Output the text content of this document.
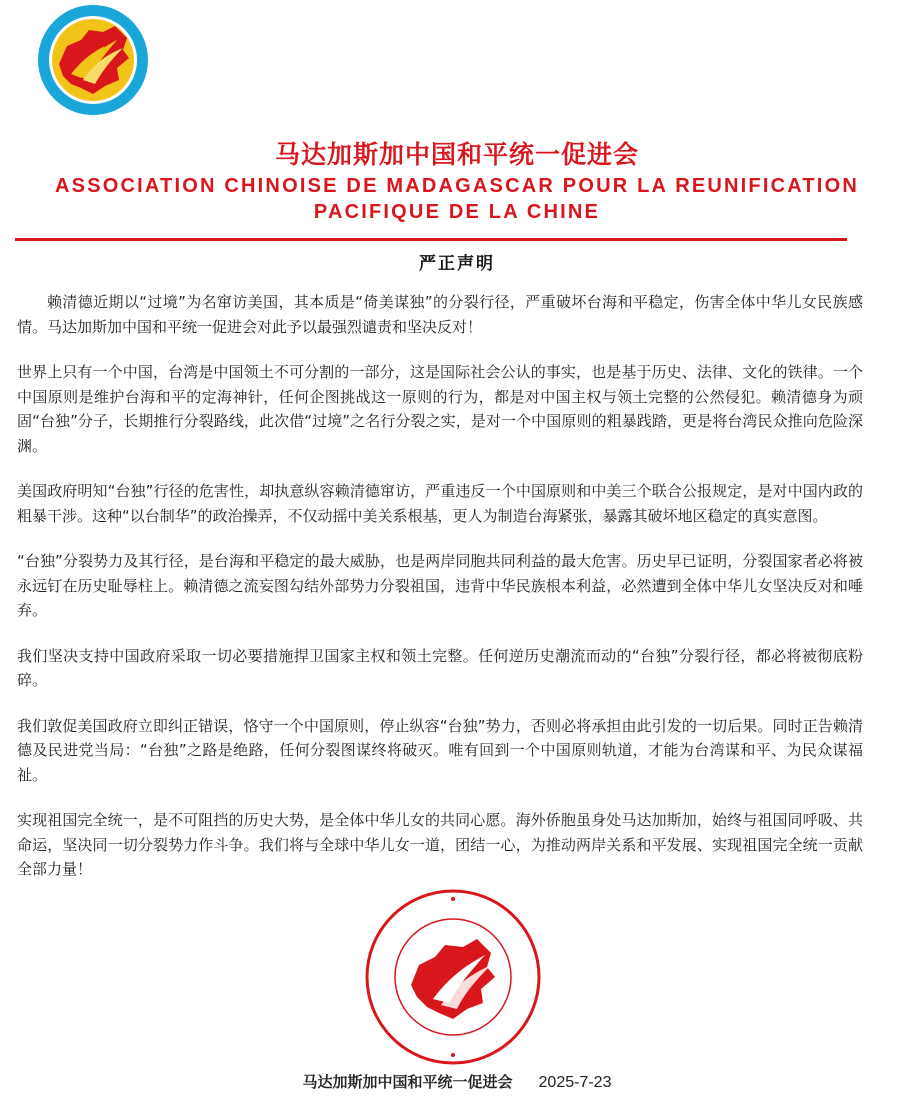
马达加斯加中国和平统一促进会
ASSOCIATION CHINOISE DE MADAGASCAR POUR LA REUNIFICATION
PACIFIQUE DE LA CHINE
严正声明

赖清德近期以“过境”为名窜访美国，其本质是“倚美谋独”的分裂行径，严重破坏台海和平稳定，伤害全体中华儿女民族感情。马达加斯加中国和平统一促进会对此予以最强烈谴责和坚决反对！

世界上只有一个中国，台湾是中国领土不可分割的一部分，这是国际社会公认的事实，也是基于历史、法律、文化的铁律。一个中国原则是维护台海和平的定海神针，任何企图挑战这一原则的行为，都是对中国主权与领土完整的公然侵犯。赖清德身为顽固“台独”分子，长期推行分裂路线，此次借“过境”之名行分裂之实，是对一个中国原则的粗暴践踏，更是将台湾民众推向危险深渊。

美国政府明知“台独”行径的危害性，却执意纵容赖清德窜访，严重违反一个中国原则和中美三个联合公报规定，是对中国内政的粗暴干涉。这种“以台制华”的政治操弄，不仅动摇中美关系根基，更人为制造台海紧张，暴露其破坏地区稳定的真实意图。

“台独”分裂势力及其行径，是台海和平稳定的最大威胁，也是两岸同胞共同利益的最大危害。历史早已证明，分裂国家者必将被永远钉在历史耻辱柱上。赖清德之流妄图勾结外部势力分裂祖国，违背中华民族根本利益，必然遭到全体中华儿女坚决反对和唾弃。

我们坚决支持中国政府采取一切必要措施捍卫国家主权和领土完整。任何逆历史潮流而动的“台独”分裂行径，都必将被彻底粉碎。

我们敦促美国政府立即纠正错误，恪守一个中国原则，停止纵容“台独”势力，否则必将承担由此引发的一切后果。同时正告赖清德及民进党当局：“台独”之路是绝路，任何分裂图谋终将破灭。唯有回到一个中国原则轨道，才能为台湾谋和平、为民众谋福祉。

实现祖国完全统一，是不可阻挡的历史大势，是全体中华儿女的共同心愿。海外侨胞虽身处马达加斯加，始终与祖国同呼吸、共命运，坚决同一切分裂势力作斗争。我们将与全球中华儿女一道，团结一心，为推动两岸关系和平发展、实现祖国完全统一贡献全部力量！

马达加斯加中国和平统一促进会 2025-7-23
